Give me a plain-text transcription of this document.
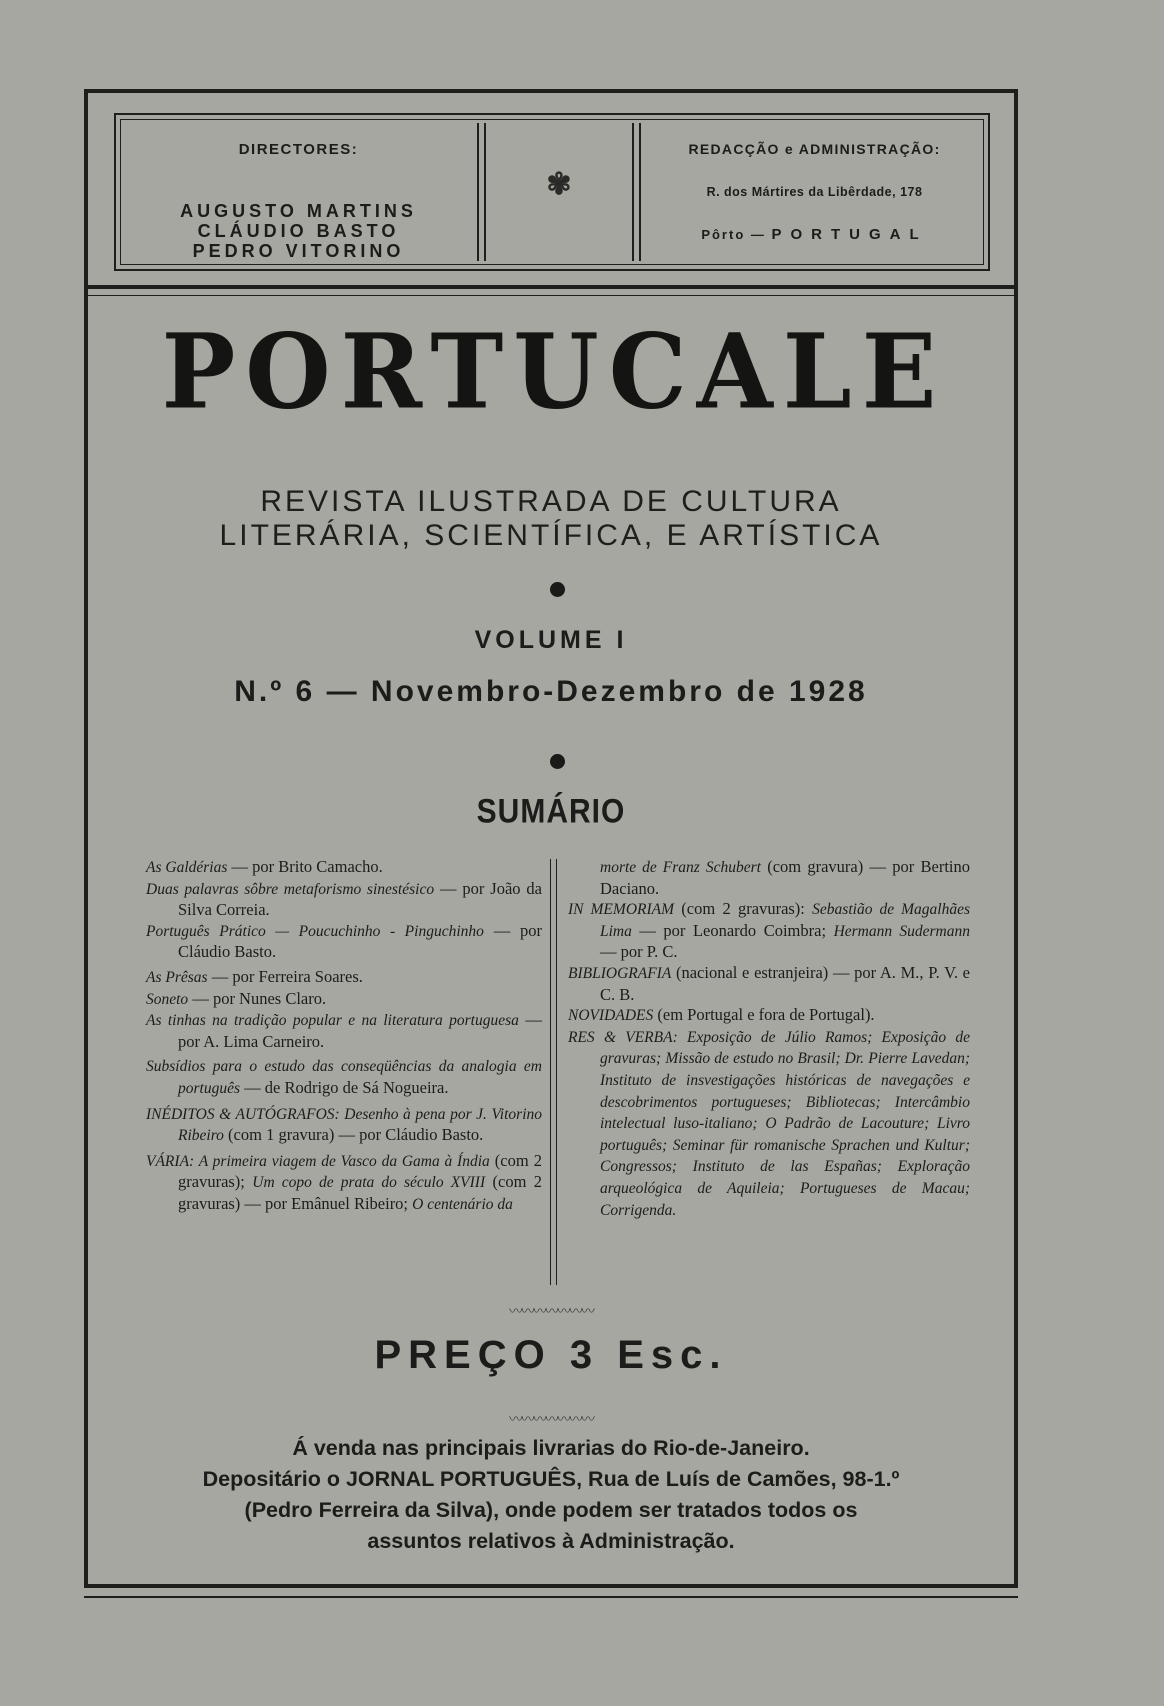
DIRECTORES:
AUGUSTO MARTINS
CLÁUDIO BASTO
PEDRO VITORINO
✾
REDACÇÃO e ADMINISTRAÇÃO:
R. dos Mártires da Libêrdade, 178
Pôrto — PORTUGAL
PORTUCALE
REVISTA ILUSTRADA DE CULTURA
LITERÁRIA, SCIENTÍFICA, E ARTÍSTICA
VOLUME I
N.º 6 — Novembro-Dezembro de 1928
SUMÁRIO
As Galdérias — por Brito Camacho.
Duas palavras sôbre metaforismo sinestésico — por João da Silva Correia.
Português Prático — Poucuchinho - Pinguchinho — por Cláudio Basto.
As Prêsas — por Ferreira Soares.
Soneto — por Nunes Claro.
As tinhas na tradição popular e na literatura portuguesa — por A. Lima Carneiro.
Subsídios para o estudo das conseqüências da analogia em português — de Rodrigo de Sá Nogueira.
INÉDITOS & AUTÓGRAFOS: Desenho à pena por J. Vitorino Ribeiro (com 1 gravura) — por Cláudio Basto.
VÁRIA: A primeira viagem de Vasco da Gama à Índia (com 2 gravuras); Um copo de prata do século XVIII (com 2 gravuras) — por Emânuel Ribeiro; O centenário da
morte de Franz Schubert (com gravura) — por Bertino Daciano.
IN MEMORIAM (com 2 gravuras): Sebastião de Magalhães Lima — por Leonardo Coimbra; Hermann Sudermann — por P. C.
BIBLIOGRAFIA (nacional e estranjeira) — por A. M., P. V. e C. B.
NOVIDADES (em Portugal e fora de Portugal).
RES & VERBA: Exposição de Júlio Ramos; Exposição de gravuras; Missão de estudo no Brasil; Dr. Pierre Lavedan; Instituto de insvestigações históricas de navegações e descobrimentos portugueses; Bibliotecas; Intercâmbio intelectual luso-italiano; O Padrão de Lacouture; Livro português; Seminar für romanische Sprachen und Kultur; Congressos; Instituto de las Españas; Exploração arqueológica de Aquileia; Portugueses de Macau; Corrigenda.
〰〰〰〰〰〰〰
PREÇO 3 Esc.
〰〰〰〰〰〰〰
Á venda nas principais livrarias do Rio-de-Janeiro.
Depositário o JORNAL PORTUGUÊS, Rua de Luís de Camões, 98-1.º
(Pedro Ferreira da Silva), onde podem ser tratados todos os
assuntos relativos à Administração.
